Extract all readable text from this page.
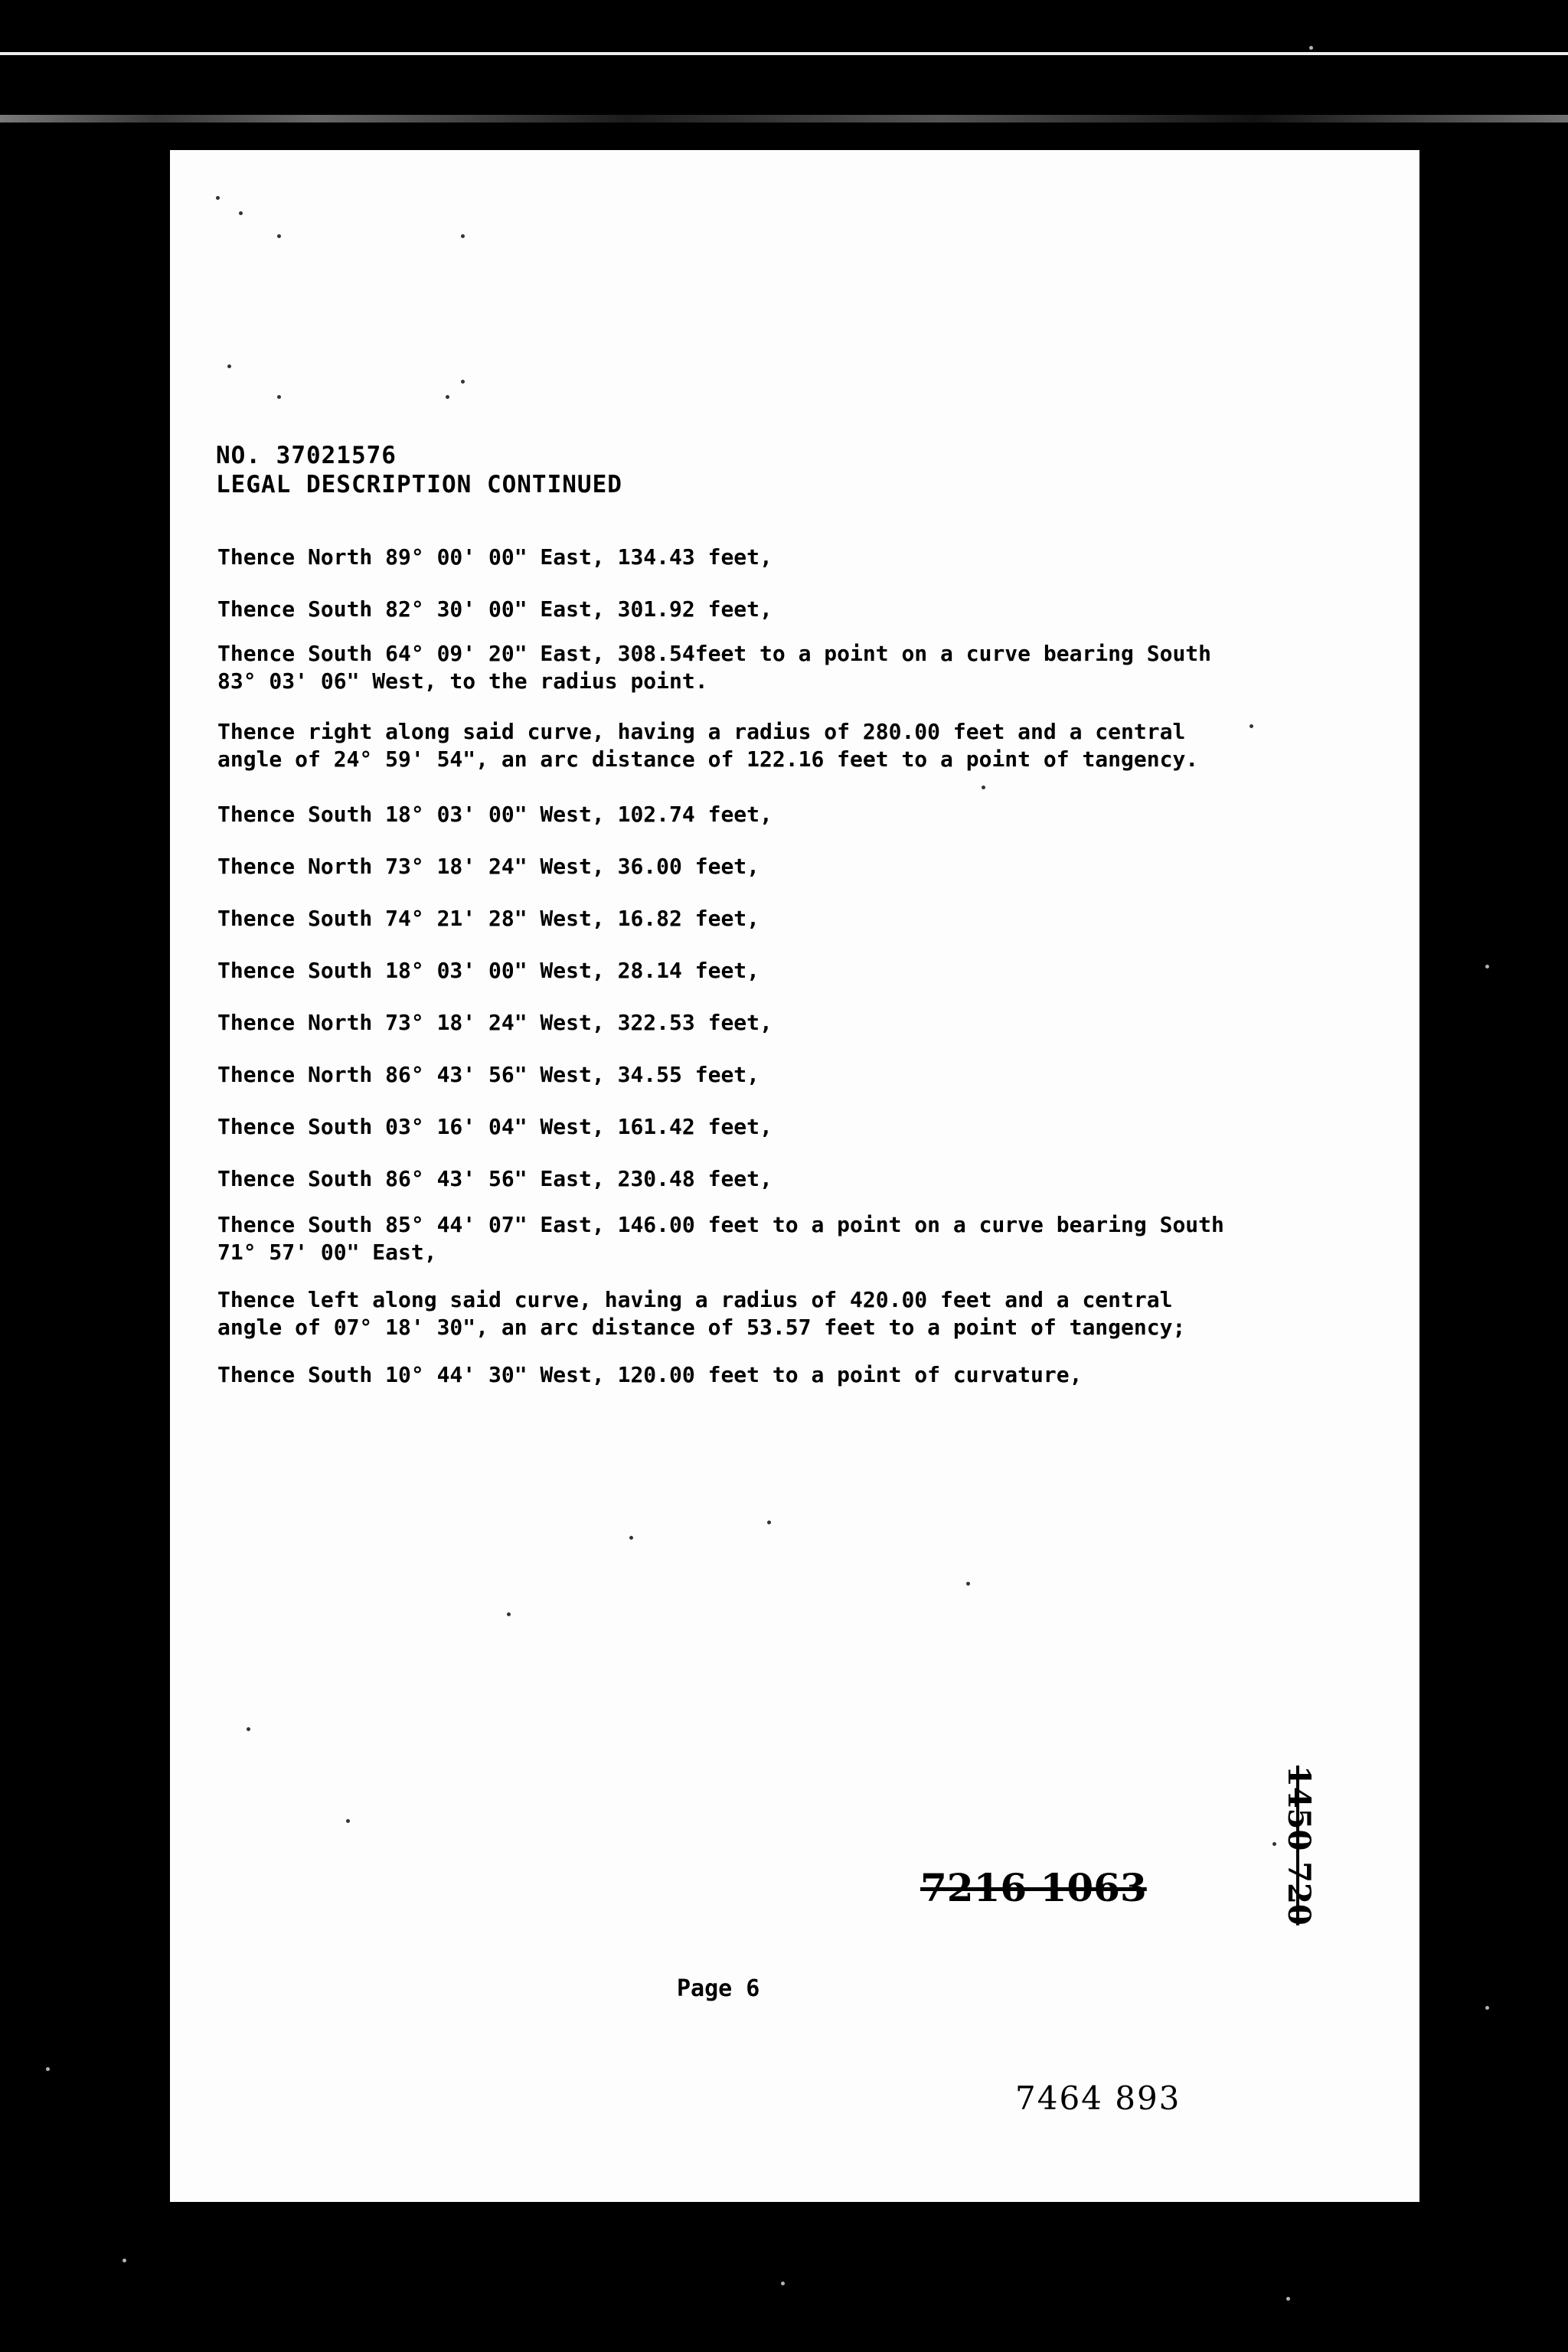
NO. 37021576
LEGAL DESCRIPTION CONTINUED
Thence North 89° 00' 00" East, 134.43 feet,
Thence South 82° 30' 00" East, 301.92 feet,
Thence South 64° 09' 20" East, 308.54feet to a point on a curve bearing South
83° 03' 06" West, to the radius point.
Thence right along said curve, having a radius of 280.00 feet and a central
angle of 24° 59' 54", an arc distance of 122.16 feet to a point of tangency.
Thence South 18° 03' 00" West, 102.74 feet,
Thence North 73° 18' 24" West, 36.00 feet,
Thence South 74° 21' 28" West, 16.82 feet,
Thence South 18° 03' 00" West, 28.14 feet,
Thence North 73° 18' 24" West, 322.53 feet,
Thence North 86° 43' 56" West, 34.55 feet,
Thence South 03° 16' 04" West, 161.42 feet,
Thence South 86° 43' 56" East, 230.48 feet,
Thence South 85° 44' 07" East, 146.00 feet to a point on a curve bearing South
71° 57' 00" East,
Thence left along said curve, having a radius of 420.00 feet and a central
angle of 07° 18' 30", an arc distance of 53.57 feet to a point of tangency;
Thence South 10° 44' 30" West, 120.00 feet to a point of curvature,
1450 720
7216 1063
Page 6
7464 893
